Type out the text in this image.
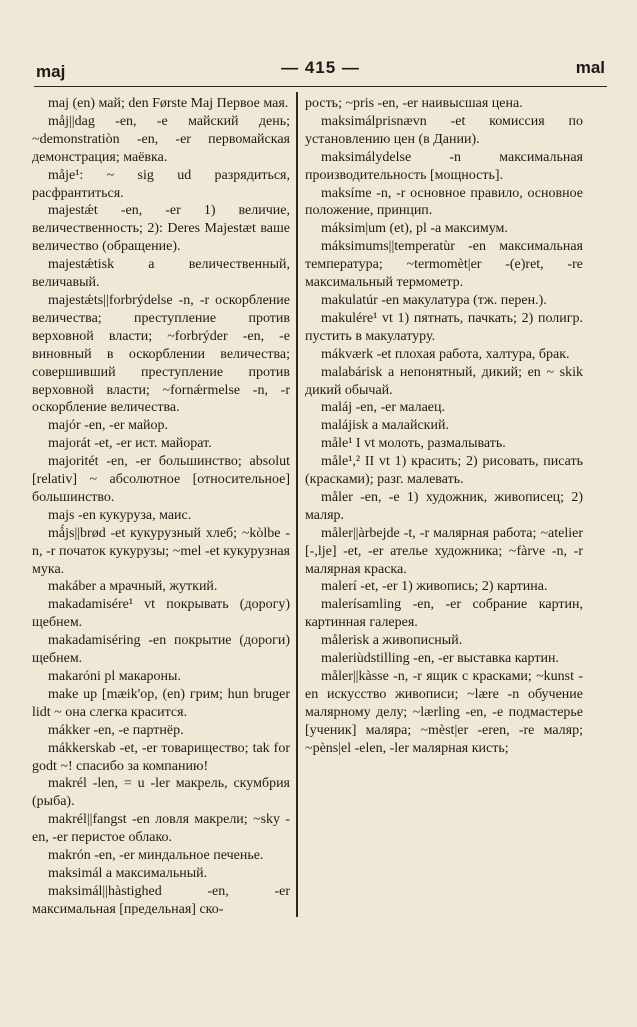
maj	— 415 —	mal

maj (en) май; den Første Maj Первое мая.

måj||dag -en, -e майский день; ~demonstratiòn -en, -er первомайская демонстрация; маёвка.

måje¹: ~ sig ud разрядиться, расфрантиться.

majestǽt -en, -er 1) величие, величественность; 2): Deres Majestæt ваше величество (обращение).

majestǽtisk a величественный, величавый.

majestǽts||forbrýdelse -n, -r оскорбление величества; преступление против верховной власти; ~forbrýder -en, -e виновный в оскорблении величества; совершивший преступление против верховной власти; ~fornǽrmelse -n, -r оскорбление величества.

majór -en, -er майор.

majorát -et, -er ист. майорат.

majoritét -en, -er большинство; absolut [relativ] ~ абсолютное [относительное] большинство.

majs -en кукуруза, маис.

mǻjs||brød -et кукурузный хлеб; ~kòlbe -n, -r початок кукурузы; ~mel -et кукурузная мука.

makáber a мрачный, жуткий.

makadamisére¹ vt покрывать (дорогу) щебнем.

makadamiséring -en покрытие (дороги) щебнем.

makaróni pl макароны.

make up [mæik'op, (en) грим; hun bruger lidt ~ она слегка красится.

mákker -en, -e партнёр.

mákkerskab -et, -er товарищество; tak for godt ~! спасибо за компанию!

makrél -len, = u -ler макрель, скумбрия (рыба).

makrél||fangst -en ловля макрели; ~sky -en, -er перистое облако.

makrón -en, -er миндальное печенье.

maksimál a максимальный.

maksimál||hàstighed -en, -er максимальная [предельная] ско-

рость; ~pris -en, -er наивысшая цена.

maksimálprisnævn -et комиссия по установлению цен (в Дании).

maksimálydelse -n максимальная производительность [мощность].

maksíme -n, -r основное правило, основное положение, принцип.

máksim|um (et), pl -a максимум.

máksimums||temperatùr -en максимальная температура; ~termomèt|er -(e)ret, -re максимальный термометр.

makulatúr -en макулатура (тж. перен.).

makulére¹ vt 1) пятнать, пачкать; 2) полигр. пустить в макулатуру.

mákværk -et плохая работа, халтура, брак.

malabárisk a непонятный, дикий; en ~ skik дикий обычай.

maláj -en, -er малаец.

malájisk a малайский.

måle¹ I vt молоть, размалывать.

måle¹,² II vt 1) красить; 2) рисовать, писать (красками); разг. малевать.

måler -en, -e 1) художник, живописец; 2) маляр.

måler||àrbejde -t, -r малярная работа; ~atelier [-,lje] -et, -er ателье художника; ~fàrve -n, -r малярная краска.

malerí -et, -er 1) живопись; 2) картина.

malerísamling -en, -er собрание картин, картинная галерея.

målerisk a живописный.

maleriùdstilling -en, -er выставка картин.

måler||kàsse -n, -r ящик с красками; ~kunst -en искусство живописи; ~lære -n обучение малярному делу; ~lærling -en, -e подмастерье [ученик] маляра; ~mèst|er -eren, -re маляр; ~pèns|el -elen, -ler малярная кисть;
